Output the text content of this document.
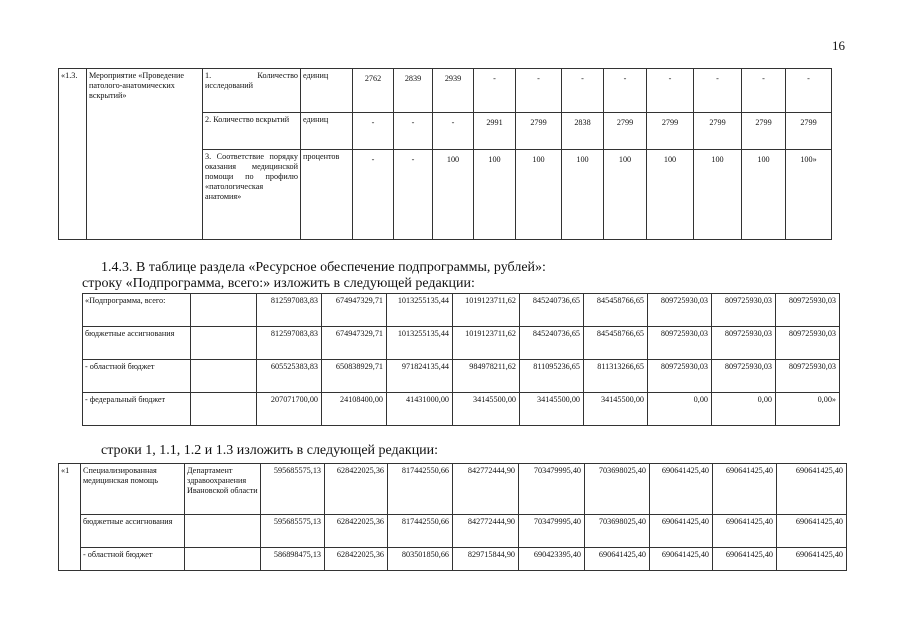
16
«1.3.	Мероприятие «Проведение патолого-анатомических вскрытий»	1. Количество исследований	единиц	2762	2839	2939	-	-	-	-	-	-	-	-
		2. Количество вскрытий	единиц	-	-	-	2991	2799	2838	2799	2799	2799	2799	2799
		3. Соответствие порядку оказания медицинской помощи по профилю «патологическая анатомия»	процентов	-	-	100	100	100	100	100	100	100	100	100»
1.4.3. В таблице раздела «Ресурсное обеспечение подпрограммы, рублей»:
строку «Подпрограмма, всего:» изложить в следующей редакции:
«Подпрограмма, всего:		812597083,83	674947329,71	1013255135,44	1019123711,62	845240736,65	845458766,65	809725930,03	809725930,03	809725930,03
бюджетные ассигнования		812597083,83	674947329,71	1013255135,44	1019123711,62	845240736,65	845458766,65	809725930,03	809725930,03	809725930,03
- областной бюджет		605525383,83	650838929,71	971824135,44	984978211,62	811095236,65	811313266,65	809725930,03	809725930,03	809725930,03
- федеральный бюджет		207071700,00	24108400,00	41431000,00	34145500,00	34145500,00	34145500,00	0,00	0,00	0,00»
строки 1, 1.1, 1.2 и 1.3 изложить в следующей редакции:
«1	Специализированная медицинская помощь	Департамент здравоохранения Ивановской области	595685575,13	628422025,36	817442550,66	842772444,90	703479995,40	703698025,40	690641425,40	690641425,40	690641425,40
	бюджетные ассигнования		595685575,13	628422025,36	817442550,66	842772444,90	703479995,40	703698025,40	690641425,40	690641425,40	690641425,40
	- областной бюджет		586898475,13	628422025,36	803501850,66	829715844,90	690423395,40	690641425,40	690641425,40	690641425,40	690641425,40
